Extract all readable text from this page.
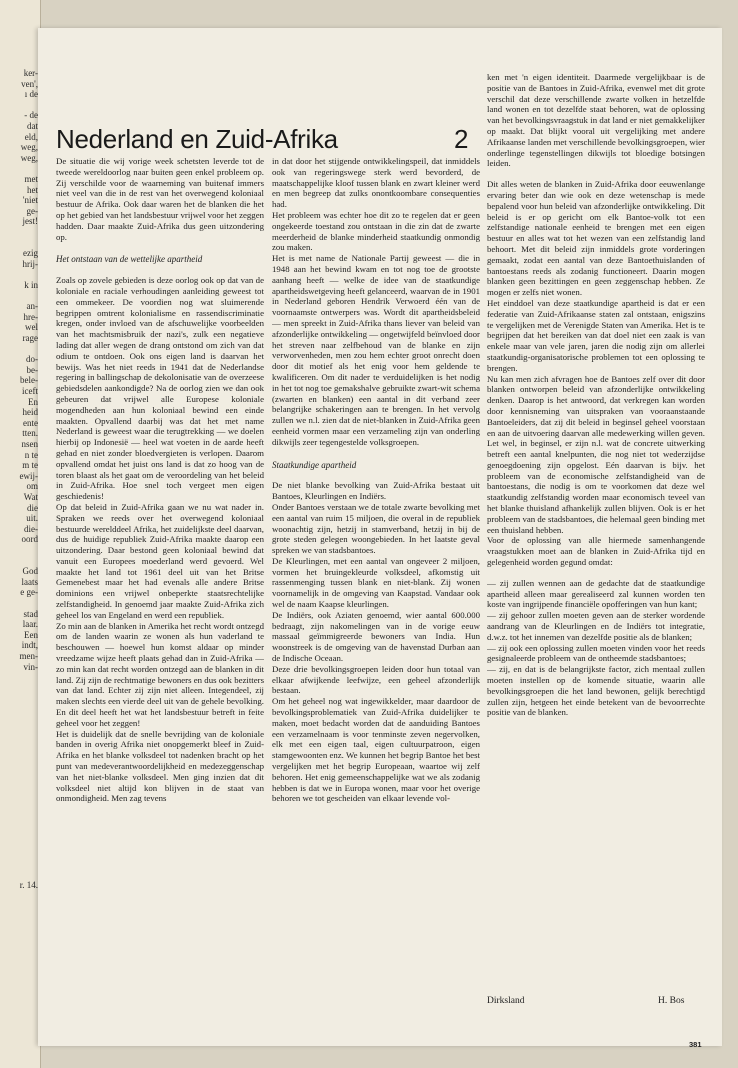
ker-
ven',
ı de
- de
dat
eld,
weg,
weg,
met
het
'niet
ge-
jest!
ezig
hrij-
k in
an-
hre-
wel
rage
do-
be-
bele-
iceft
En
heid
ente
tten.
nsen
n te
m te
ewij-
om
Wat
die
uit.
die-
oord
God
laats
e ge-
stad
laar.
Een
indt,
men-
vin-
r. 14.
Nederland en Zuid-Afrika	2

De situatie die wij vorige week schetsten leverde tot de tweede wereldoorlog naar buiten geen enkel probleem op. Zij verschilde voor de waarneming van buitenaf immers niet veel van die in de rest van het overwegend koloniaal bestuur de Afrika. Ook daar waren het de blanken die het op het gebied van het landsbestuur vrijwel voor het zeggen hadden. Daar maakte Zuid-Afrika dus geen uitzondering op.

Het ontstaan van de wettelijke apartheid

Zoals op zovele gebieden is deze oorlog ook op dat van de koloniale en raciale verhoudingen aanleiding geweest tot een ommekeer. De voordien nog wat sluimerende begrippen omtrent kolonialisme en rassendiscriminatie kregen, onder invloed van de afschuwelijke voorbeelden van het machtsmisbruik der nazi's, zulk een negatieve lading dat aller wegen de drang ontstond om zich van dat odium te ontdoen. Ook ons eigen land is daarvan het bewijs. Was het niet reeds in 1941 dat de Nederlandse regering in ballingschap de dekolonisatie van de overzeese gebiedsdelen aankondigde? Na de oorlog zien we dan ook gebeuren dat vrijwel alle Europese koloniale mogendheden aan hun koloniaal bewind een einde maakten. Opvallend daarbij was dat het met name Nederland is geweest waar die terugtrekking — we doelen hierbij op Indonesië — heel wat voeten in de aarde heeft gehad en niet zonder bloedvergieten is verlopen. Daarom opvallend omdat het juist ons land is dat zo hoog van de toren blaast als het gaat om de veroordeling van het beleid in Zuid-Afrika. Hoe snel toch vergeet men eigen geschiedenis!

Op dat beleid in Zuid-Afrika gaan we nu wat nader in. Spraken we reeds over het overwegend koloniaal bestuurde werelddeel Afrika, het zuidelijkste deel daarvan, dus de huidige republiek Zuid-Afrika maakte daarop een uitzondering. Daar bestond geen koloniaal bewind dat vanuit een Europees moederland werd gevoerd. Wel maakte het land tot 1961 deel uit van het Britse Gemenebest maar het had evenals alle andere Britse dominions een vrijwel onbeperkte staatsrechtelijke zelfstandigheid. In genoemd jaar maakte Zuid-Afrika zich geheel los van Engeland en werd een republiek.

Zo min aan de blanken in Amerika het recht wordt ontzegd om de landen waarin ze wonen als hun vaderland te beschouwen — hoewel hun komst aldaar op minder vreedzame wijze heeft plaats gehad dan in Zuid-Afrika — zo min kan dat recht worden ontzegd aan de blanken in dit land. Zij zijn de rechtmatige bewoners en dus ook bezitters van dat land. Echter zij zijn niet alleen. Integendeel, zij maken slechts een vierde deel uit van de gehele bevolking. En dit deel heeft het wat het landsbestuur betreft in feite geheel voor het zeggen!

Het is duidelijk dat de snelle bevrijding van de koloniale banden in overig Afrika niet onopgemerkt bleef in Zuid-Afrika en het blanke volksdeel tot nadenken bracht op het punt van medeverantwoordelijkheid en medezeggenschap van het niet-blanke volksdeel. Men ging inzien dat dit volksdeel niet altijd kon blijven in de staat van onmondigheid. Men zag tevens

in dat door het stijgende ontwikkelingspeil, dat inmiddels ook van regeringswege sterk werd bevorderd, de maatschappelijke kloof tussen blank en zwart kleiner werd en men begreep dat zulks onontkoombare consequenties had.

Het probleem was echter hoe dit zo te regelen dat er geen ongekeerde toestand zou ontstaan in die zin dat de zwarte meerderheid de blanke minderheid staatkundig onmondig zou maken.

Het is met name de Nationale Partij geweest — die in 1948 aan het bewind kwam en tot nog toe de grootste aanhang heeft — welke de idee van de staatkundige apartheidswetgeving heeft gelanceerd, waarvan de in 1901 in Nederland geboren Hendrik Verwoerd één van de voornaamste ontwerpers was. Wordt dit apartheidsbeleid — men spreekt in Zuid-Afrika thans liever van beleid van afzonderlijke ontwikkeling — ongetwijfeld beïnvloed door het streven naar zelfbehoud van de blanke en zijn verworvenheden, men zou hem echter groot onrecht doen door dit motief als het enig voor hem geldende te kwalificeren. Om dit nader te verduidelijken is het nodig in het tot nog toe gemakshalve gebruikte zwart-wit schema (zwarten en blanken) een aantal in dit verband zeer belangrijke schakeringen aan te brengen. In het vervolg zullen we n.l. zien dat de niet-blanken in Zuid-Afrika geen eenheid vormen maar een verzameling zijn van onderling dikwijls zeer tegengestelde volksgroepen.

Staatkundige apartheid

De niet blanke bevolking van Zuid-Afrika bestaat uit Bantoes, Kleurlingen en Indiërs.

Onder Bantoes verstaan we de totale zwarte bevolking met een aantal van ruim 15 miljoen, die overal in de republiek woonachtig zijn, hetzij in stamverband, hetzij in bij de grote steden gelegen woongebieden. In het laatste geval spreken we van stadsbantoes.

De Kleurlingen, met een aantal van ongeveer 2 miljoen, vormen het bruingekleurde volksdeel, afkomstig uit rassenmenging tussen blank en niet-blank. Zij wonen voornamelijk in de omgeving van Kaapstad. Vandaar ook wel de naam Kaapse kleurlingen.

De Indiërs, ook Aziaten genoemd, wier aantal 600.000 bedraagt, zijn nakomelingen van in de vorige eeuw massaal geïmmigreerde bewoners van India. Hun woonstreek is de omgeving van de havenstad Durban aan de Indische Oceaan.

Deze drie bevolkingsgroepen leiden door hun totaal van elkaar afwijkende leefwijze, een geheel afzonderlijk bestaan.

Om het geheel nog wat ingewikkelder, maar daardoor de bevolkingsproblematiek van Zuid-Afrika duidelijker te maken, moet bedacht worden dat de aanduiding Bantoes een verzamelnaam is voor tenminste zeven negervolken, elk met een eigen taal, eigen cultuurpatroon, eigen stamgewoonten enz. We kunnen het begrip Bantoe het best vergelijken met het begrip Europeaan, waartoe wij zelf behoren. Het enig gemeenschappelijke wat we als zodanig hebben is dat we in Europa wonen, maar voor het overige behoren we tot gescheiden van elkaar levende vol-

ken met 'n eigen identiteit. Daarmede vergelijkbaar is de positie van de Bantoes in Zuid-Afrika, evenwel met dit grote verschil dat deze verschillende zwarte volken in hetzelfde land wonen en tot dezelfde staat behoren, wat de oplossing van het bevolkingsvraagstuk in dat land er niet gemakkelijker op maakt. Dat blijkt vooral uit vergelijking met andere Afrikaanse landen met verschillende bevolkingsgroepen, wier onderlinge tegenstellingen dikwijls tot bloedige botsingen leiden.

Dit alles weten de blanken in Zuid-Afrika door eeuwenlange ervaring beter dan wie ook en deze wetenschap is mede bepalend voor hun beleid van afzonderlijke ontwikkeling. Dit beleid is er op gericht om elk Bantoe-volk tot een zelfstandige nationale eenheid te brengen met een eigen bestuur en alles wat tot het wezen van een zelfstandig land behoort. Met dit beleid zijn inmiddels grote vorderingen gemaakt, zodat een aantal van deze Bantoethuislanden of bantoestans reeds als zodanig functioneert. Daarin mogen blanken geen bezittingen en geen zeggenschap hebben. Ze mogen er zelfs niet wonen.

Het einddoel van deze staatkundige apartheid is dat er een federatie van Zuid-Afrikaanse staten zal ontstaan, enigszins te vergelijken met de Verenigde Staten van Amerika. Het is te begrijpen dat het bereiken van dat doel niet een zaak is van enkele maar van vele jaren, jaren die nodig zijn om allerlei staatkundig-organisatorische problemen tot een oplossing te brengen.

Nu kan men zich afvragen hoe de Bantoes zelf over dit door blanken ontworpen beleid van afzonderlijke ontwikkeling denken. Daarop is het antwoord, dat verkregen kan worden door kennisneming van uitspraken van vooraanstaande Bantoeleiders, dat zij dit beleid in beginsel geheel voorstaan en aan de uitvoering daarvan alle medewerking willen geven. Let wel, in beginsel, er zijn n.l. wat de concrete uitwerking betreft een aantal knelpunten, die nog niet tot wederzijdse genoegdoening zijn opgelost. Eén daarvan is bijv. het probleem van de economische zelfstandigheid van de bantoestans, die nodig is om te voorkomen dat deze wel staatkundig zelfstandig worden maar economisch teveel van het blanke thuisland afhankelijk zullen blijven. Ook is er het probleem van de stadsbantoes, die helemaal geen binding met een thuisland hebben.

Voor de oplossing van alle hiermede samenhangende vraagstukken moet aan de blanken in Zuid-Afrika tijd en gelegenheid worden gegund omdat:

— zij zullen wennen aan de gedachte dat de staatkundige apartheid alleen maar gerealiseerd zal kunnen worden ten koste van ingrijpende financiële opofferingen van hun kant;

— zij gehoor zullen moeten geven aan de sterker wordende aandrang van de Kleurlingen en de Indiërs tot integratie, d.w.z. tot het innemen van dezelfde positie als de blanken;

— zij ook een oplossing zullen moeten vinden voor het reeds gesignaleerde probleem van de ontheemde stadsbantoes;

— zij, en dat is de belangrijkste factor, zich mentaal zullen moeten instellen op de komende situatie, waarin alle bevolkingsgroepen die het land bewonen, gelijk berechtigd zullen zijn, hetgeen het einde betekent van de bevoorrechte positie van de blanken.

Dirksland	H. Bos
381
